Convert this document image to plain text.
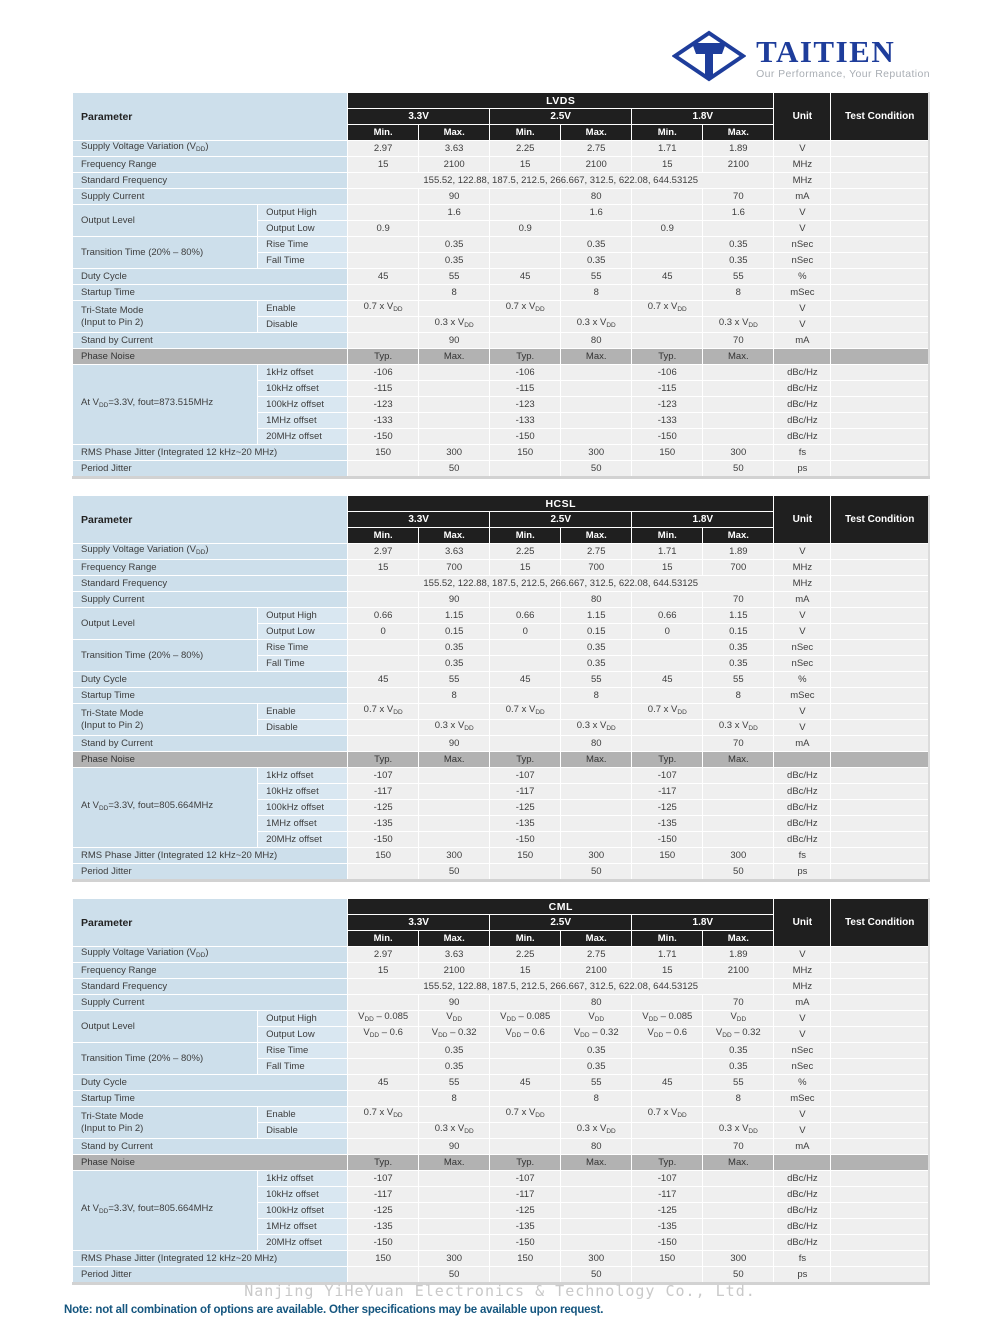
TAITIEN
Our Performance, Your Reputation
Parameter		LVDS						Unit	Test Condition
		3.3V		2.5V		1.8V			
		Min.	Max.	Min.	Max.	Min.	Max.		
Supply Voltage Variation $(V_{DD})$		2.97	3.63	2.25	2.75	1.71	1.89	V	
Frequency Range		15	2100	15	2100	15	2100	MHz	
Standard Frequency		155.52, 122.88, 187.5, 212.5, 266.667, 312.5, 622.08, 644.53125						MHz	
Supply Current			90		80		70	mA	
Output Level	Output High		1.6		1.6		1.6	V	
	Output Low	0.9		0.9		0.9		V	
Transition Time (20% – 80%)	Rise Time		0.35		0.35		0.35	nSec	
	Fall Time		0.35		0.35		0.35	nSec	
Duty Cycle		45	55	45	55	45	55	%	
Startup Time			8		8		8	mSec	
Tri-State Mode
(Input to Pin 2)	Enable	0.7 x $V_{DD}$		0.7 x $V_{DD}$		0.7 x $V_{DD}$		V	
	Disable		0.3 x $V_{DD}$		0.3 x $V_{DD}$		0.3 x $V_{DD}$	V	
Stand by Current			90		80		70	mA	
Phase Noise		Typ.	Max.	Typ.	Max.	Typ.	Max.		
At $V_{DD}=3.3V$, fout=873.515MHz	1kHz offset	-106		-106		-106		dBc/Hz	
	10kHz offset	-115		-115		-115		dBc/Hz	
	100kHz offset	-123		-123		-123		dBc/Hz	
	1MHz offset	-133		-133		-133		dBc/Hz	
	20MHz offset	-150		-150		-150		dBc/Hz	
RMS Phase Jitter (Integrated 12 kHz~20 MHz)		150	300	150	300	150	300	fs	
Period Jitter			50		50		50	ps	
Parameter		HCSL						Unit	Test Condition
		3.3V		2.5V		1.8V			
		Min.	Max.	Min.	Max.	Min.	Max.		
Supply Voltage Variation $(V_{DD})$		2.97	3.63	2.25	2.75	1.71	1.89	V	
Frequency Range		15	700	15	700	15	700	MHz	
Standard Frequency		155.52, 122.88, 187.5, 212.5, 266.667, 312.5, 622.08, 644.53125						MHz	
Supply Current			90		80		70	mA	
Output Level	Output High	0.66	1.15	0.66	1.15	0.66	1.15	V	
	Output Low	0	0.15	0	0.15	0	0.15	V	
Transition Time (20% – 80%)	Rise Time		0.35		0.35		0.35	nSec	
	Fall Time		0.35		0.35		0.35	nSec	
Duty Cycle		45	55	45	55	45	55	%	
Startup Time			8		8		8	mSec	
Tri-State Mode
(Input to Pin 2)	Enable	0.7 x $V_{DD}$		0.7 x $V_{DD}$		0.7 x $V_{DD}$		V	
	Disable		0.3 x $V_{DD}$		0.3 x $V_{DD}$		0.3 x $V_{DD}$	V	
Stand by Current			90		80		70	mA	
Phase Noise		Typ.	Max.	Typ.	Max.	Typ.	Max.		
At $V_{DD}=3.3V$, fout=805.664MHz	1kHz offset	-107		-107		-107		dBc/Hz	
	10kHz offset	-117		-117		-117		dBc/Hz	
	100kHz offset	-125		-125		-125		dBc/Hz	
	1MHz offset	-135		-135		-135		dBc/Hz	
	20MHz offset	-150		-150		-150		dBc/Hz	
RMS Phase Jitter (Integrated 12 kHz~20 MHz)		150	300	150	300	150	300	fs	
Period Jitter			50		50		50	ps	
Parameter		CML						Unit	Test Condition
		3.3V		2.5V		1.8V			
		Min.	Max.	Min.	Max.	Min.	Max.		
Supply Voltage Variation $(V_{DD})$		2.97	3.63	2.25	2.75	1.71	1.89	V	
Frequency Range		15	2100	15	2100	15	2100	MHz	
Standard Frequency		155.52, 122.88, 187.5, 212.5, 266.667, 312.5, 622.08, 644.53125						MHz	
Supply Current			90		80		70	mA	
Output Level	Output High	$V_{DD} - 0.085$	$V_{DD}$	$V_{DD} - 0.085$	$V_{DD}$	$V_{DD} - 0.085$	$V_{DD}$	V	
	Output Low	$V_{DD} - 0.6$	$V_{DD} - 0.32$	$V_{DD} - 0.6$	$V_{DD} - 0.32$	$V_{DD} - 0.6$	$V_{DD} - 0.32$	V	
Transition Time (20% – 80%)	Rise Time		0.35		0.35		0.35	nSec	
	Fall Time		0.35		0.35		0.35	nSec	
Duty Cycle		45	55	45	55	45	55	%	
Startup Time			8		8		8	mSec	
Tri-State Mode
(Input to Pin 2)	Enable	0.7 x $V_{DD}$		0.7 x $V_{DD}$		0.7 x $V_{DD}$		V	
	Disable		0.3 x $V_{DD}$		0.3 x $V_{DD}$		0.3 x $V_{DD}$	V	
Stand by Current			90		80		70	mA	
Phase Noise		Typ.	Max.	Typ.	Max.	Typ.	Max.		
At $V_{DD}=3.3V$, fout=805.664MHz	1kHz offset	-107		-107		-107		dBc/Hz	
	10kHz offset	-117		-117		-117		dBc/Hz	
	100kHz offset	-125		-125		-125		dBc/Hz	
	1MHz offset	-135		-135		-135		dBc/Hz	
	20MHz offset	-150		-150		-150		dBc/Hz	
RMS Phase Jitter (Integrated 12 kHz~20 MHz)		150	300	150	300	150	300	fs	
Period Jitter			50		50		50	ps	
Nanjing YiHeYuan Electronics & Technology Co., Ltd.
Note: not all combination of options are available. Other specifications may be available upon request.
